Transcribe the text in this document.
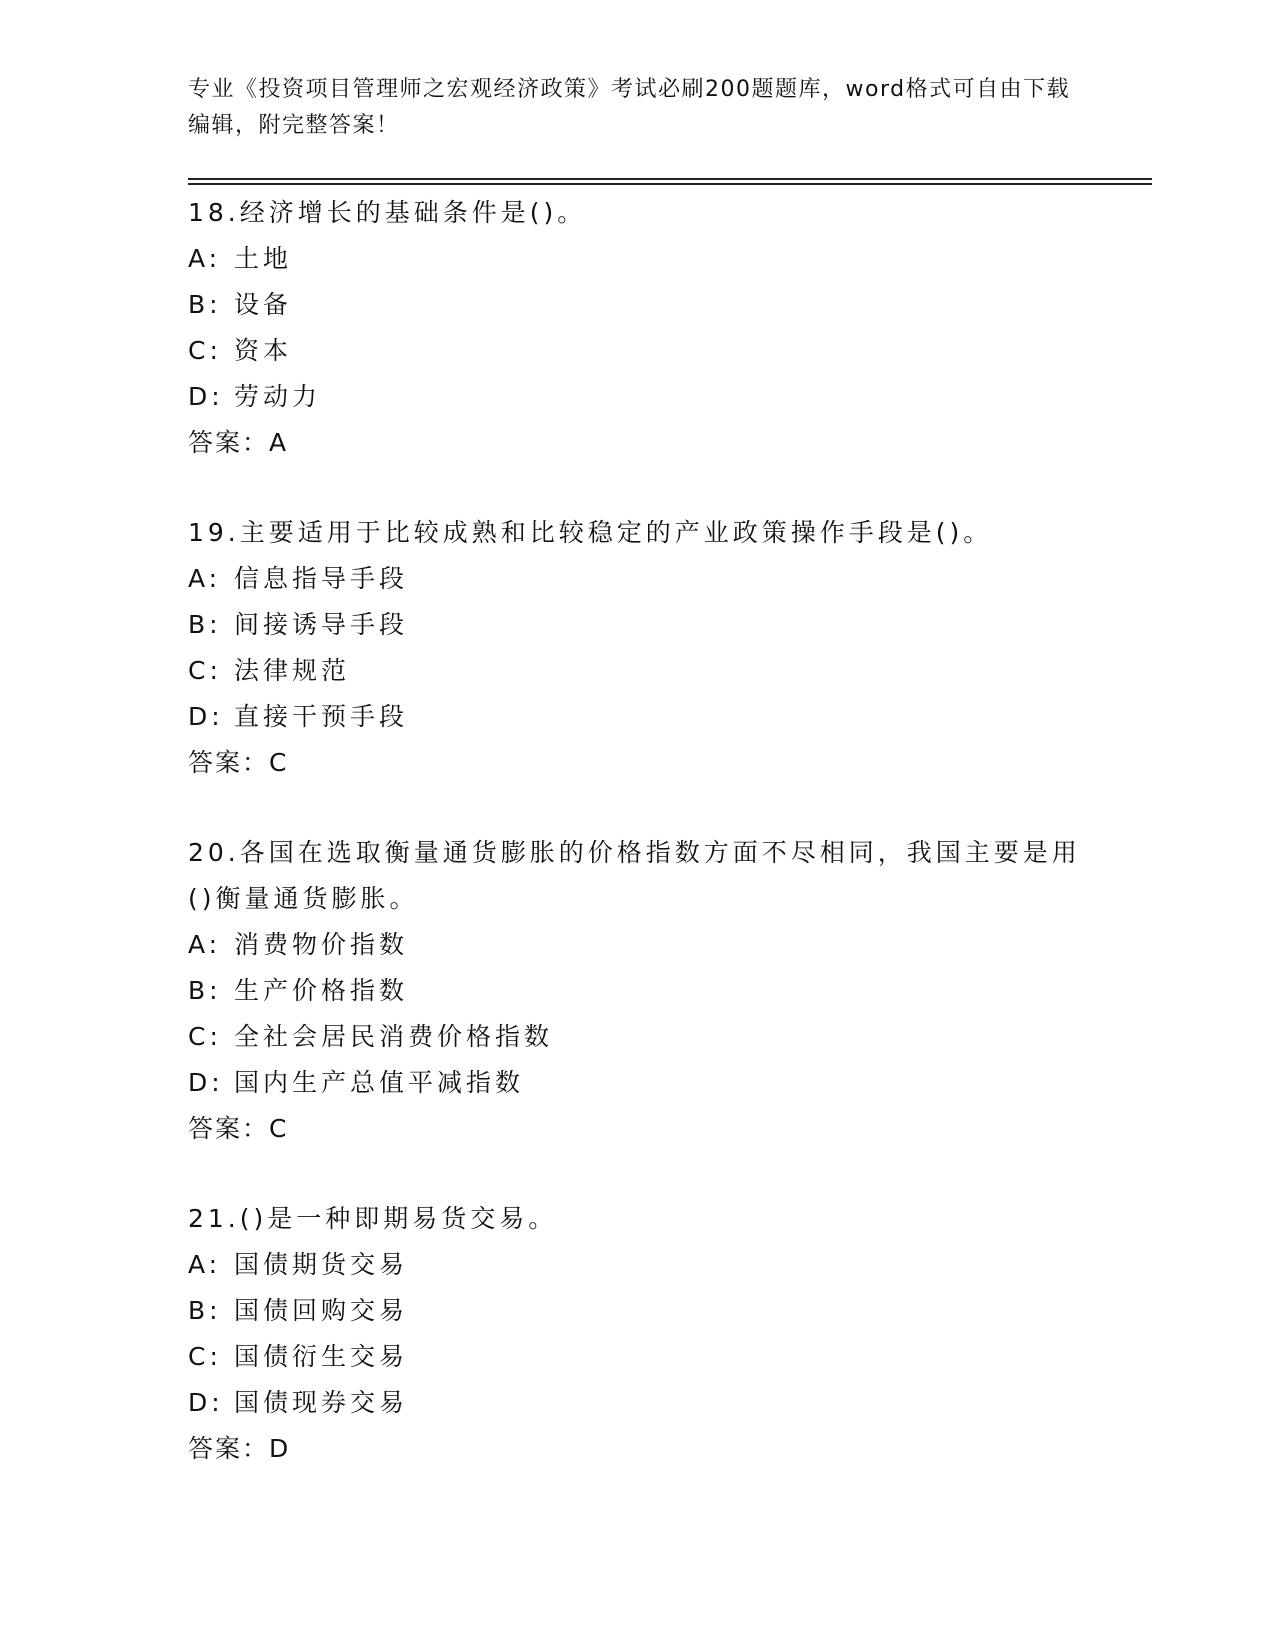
专业《投资项目管理师之宏观经济政策》考试必刷200题题库，word格式可自由下载编辑，附完整答案！

18.经济增长的基础条件是()。

A: 土地

B: 设备

C: 资本

D: 劳动力

答案：A

19.主要适用于比较成熟和比较稳定的产业政策操作手段是()。

A: 信息指导手段

B: 间接诱导手段

C: 法律规范

D: 直接干预手段

答案：C

20.各国在选取衡量通货膨胀的价格指数方面不尽相同，我国主要是用()衡量通货膨胀。

A: 消费物价指数

B: 生产价格指数

C: 全社会居民消费价格指数

D: 国内生产总值平减指数

答案：C

21.()是一种即期易货交易。

A: 国债期货交易

B: 国债回购交易

C: 国债衍生交易

D: 国债现券交易

答案：D
